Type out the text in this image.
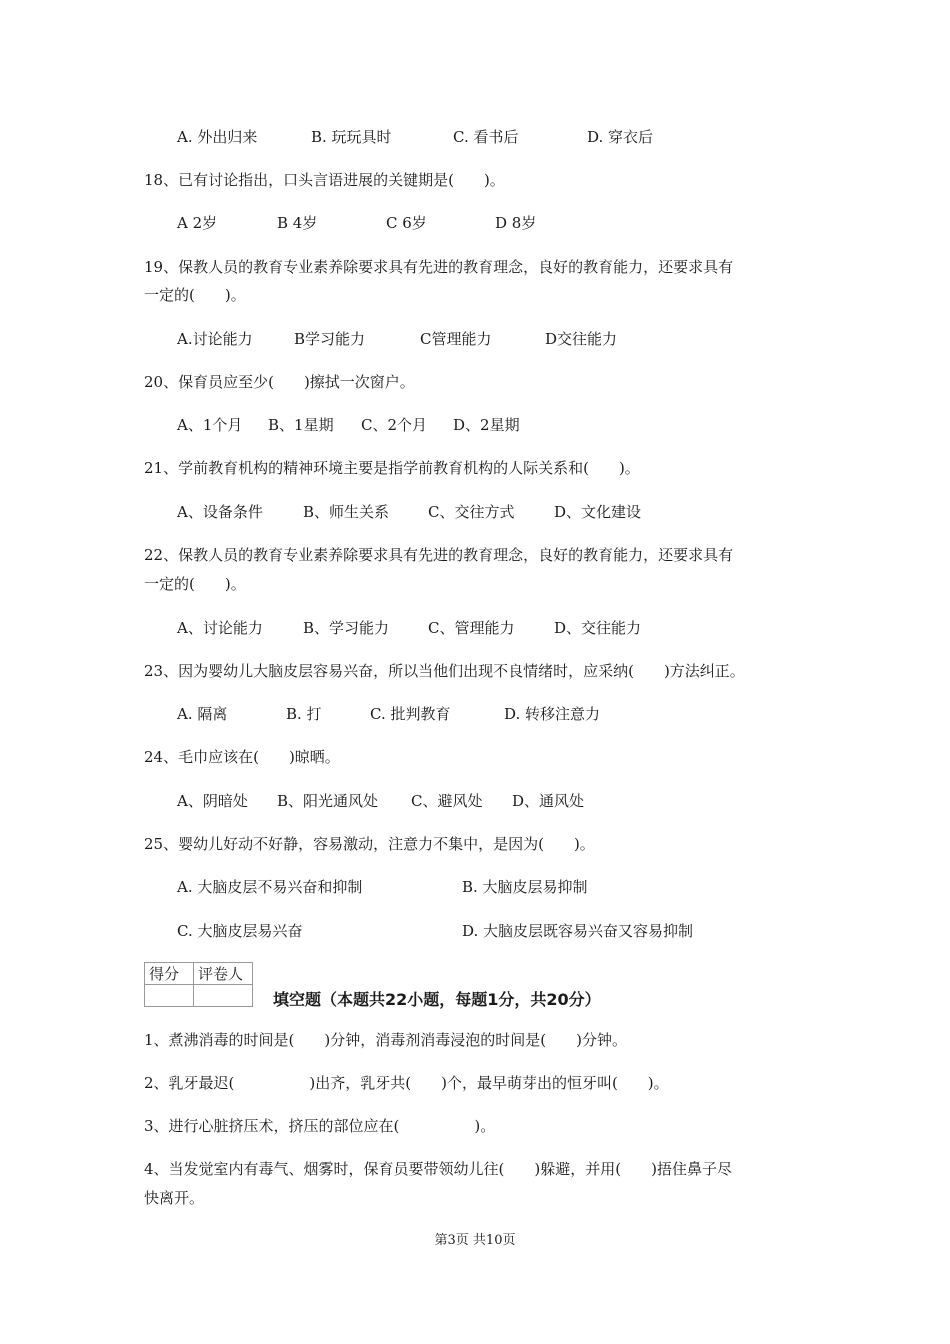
A. 外出归来	B. 玩玩具时	C. 看书后	D. 穿衣后
18、已有讨论指出，口头言语进展的关键期是(　　)。
A 2岁	B 4岁	C 6岁	D 8岁
19、保教人员的教育专业素养除要求具有先进的教育理念，良好的教育能力，还要求具有
一定的(　　)。
A.讨论能力	B学习能力	C管理能力	D交往能力
20、保育员应至少(　　)擦拭一次窗户。
A、1个月 B、1星期 C、2个月 D、2星期
21、学前教育机构的精神环境主要是指学前教育机构的人际关系和(　　)。
A、设备条件	B、师生关系	C、交往方式	D、文化建设
22、保教人员的教育专业素养除要求具有先进的教育理念，良好的教育能力，还要求具有
一定的(　　)。
A、讨论能力	B、学习能力	C、管理能力	D、交往能力
23、因为婴幼儿大脑皮层容易兴奋，所以当他们出现不良情绪时，应采纳(　　)方法纠正。
A. 隔离	B. 打	C. 批判教育	D. 转移注意力
24、毛巾应该在(　　)晾晒。
A、阴暗处 B、阳光通风处 C、避风处 D、通风处
25、婴幼儿好动不好静，容易激动，注意力不集中，是因为(　　)。
A. 大脑皮层不易兴奋和抑制	B. 大脑皮层易抑制
C. 大脑皮层易兴奋	D. 大脑皮层既容易兴奋又容易抑制
得分	评卷人

填空题（本题共22小题，每题1分，共20分）
1、煮沸消毒的时间是(　　)分钟，消毒剂消毒浸泡的时间是(　　)分钟。
2、乳牙最迟(　　　　　)出齐，乳牙共(　　)个，最早萌芽出的恒牙叫(　　)。
3、进行心脏挤压术，挤压的部位应在(　　　　　)。
4、当发觉室内有毒气、烟雾时，保育员要带领幼儿往(　　)躲避，并用(　　)捂住鼻子尽
快离开。
第3页 共10页
